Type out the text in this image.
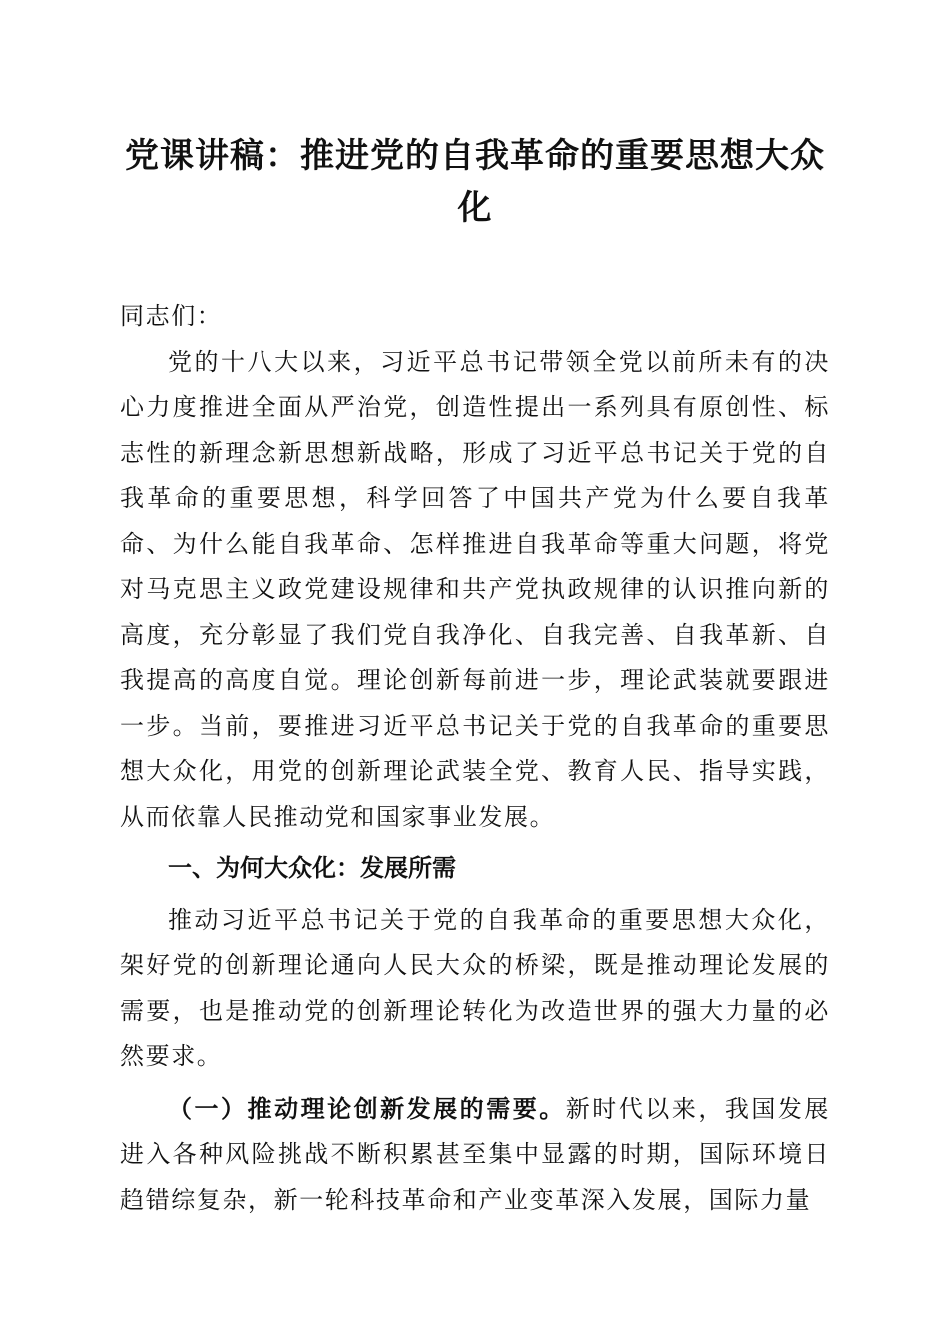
党课讲稿：推进党的自我革命的重要思想大众化

同志们：

党的十八大以来，习近平总书记带领全党以前所未有的决心力度推进全面从严治党，创造性提出一系列具有原创性、标志性的新理念新思想新战略，形成了习近平总书记关于党的自我革命的重要思想，科学回答了中国共产党为什么要自我革命、为什么能自我革命、怎样推进自我革命等重大问题，将党对马克思主义政党建设规律和共产党执政规律的认识推向新的高度，充分彰显了我们党自我净化、自我完善、自我革新、自我提高的高度自觉。理论创新每前进一步，理论武装就要跟进一步。当前，要推进习近平总书记关于党的自我革命的重要思想大众化，用党的创新理论武装全党、教育人民、指导实践，从而依靠人民推动党和国家事业发展。

一、为何大众化：发展所需

推动习近平总书记关于党的自我革命的重要思想大众化，架好党的创新理论通向人民大众的桥梁，既是推动理论发展的需要，也是推动党的创新理论转化为改造世界的强大力量的必然要求。

（一）推动理论创新发展的需要。新时代以来，我国发展进入各种风险挑战不断积累甚至集中显露的时期，国际环境日趋错综复杂，新一轮科技革命和产业变革深入发展，国际力量
